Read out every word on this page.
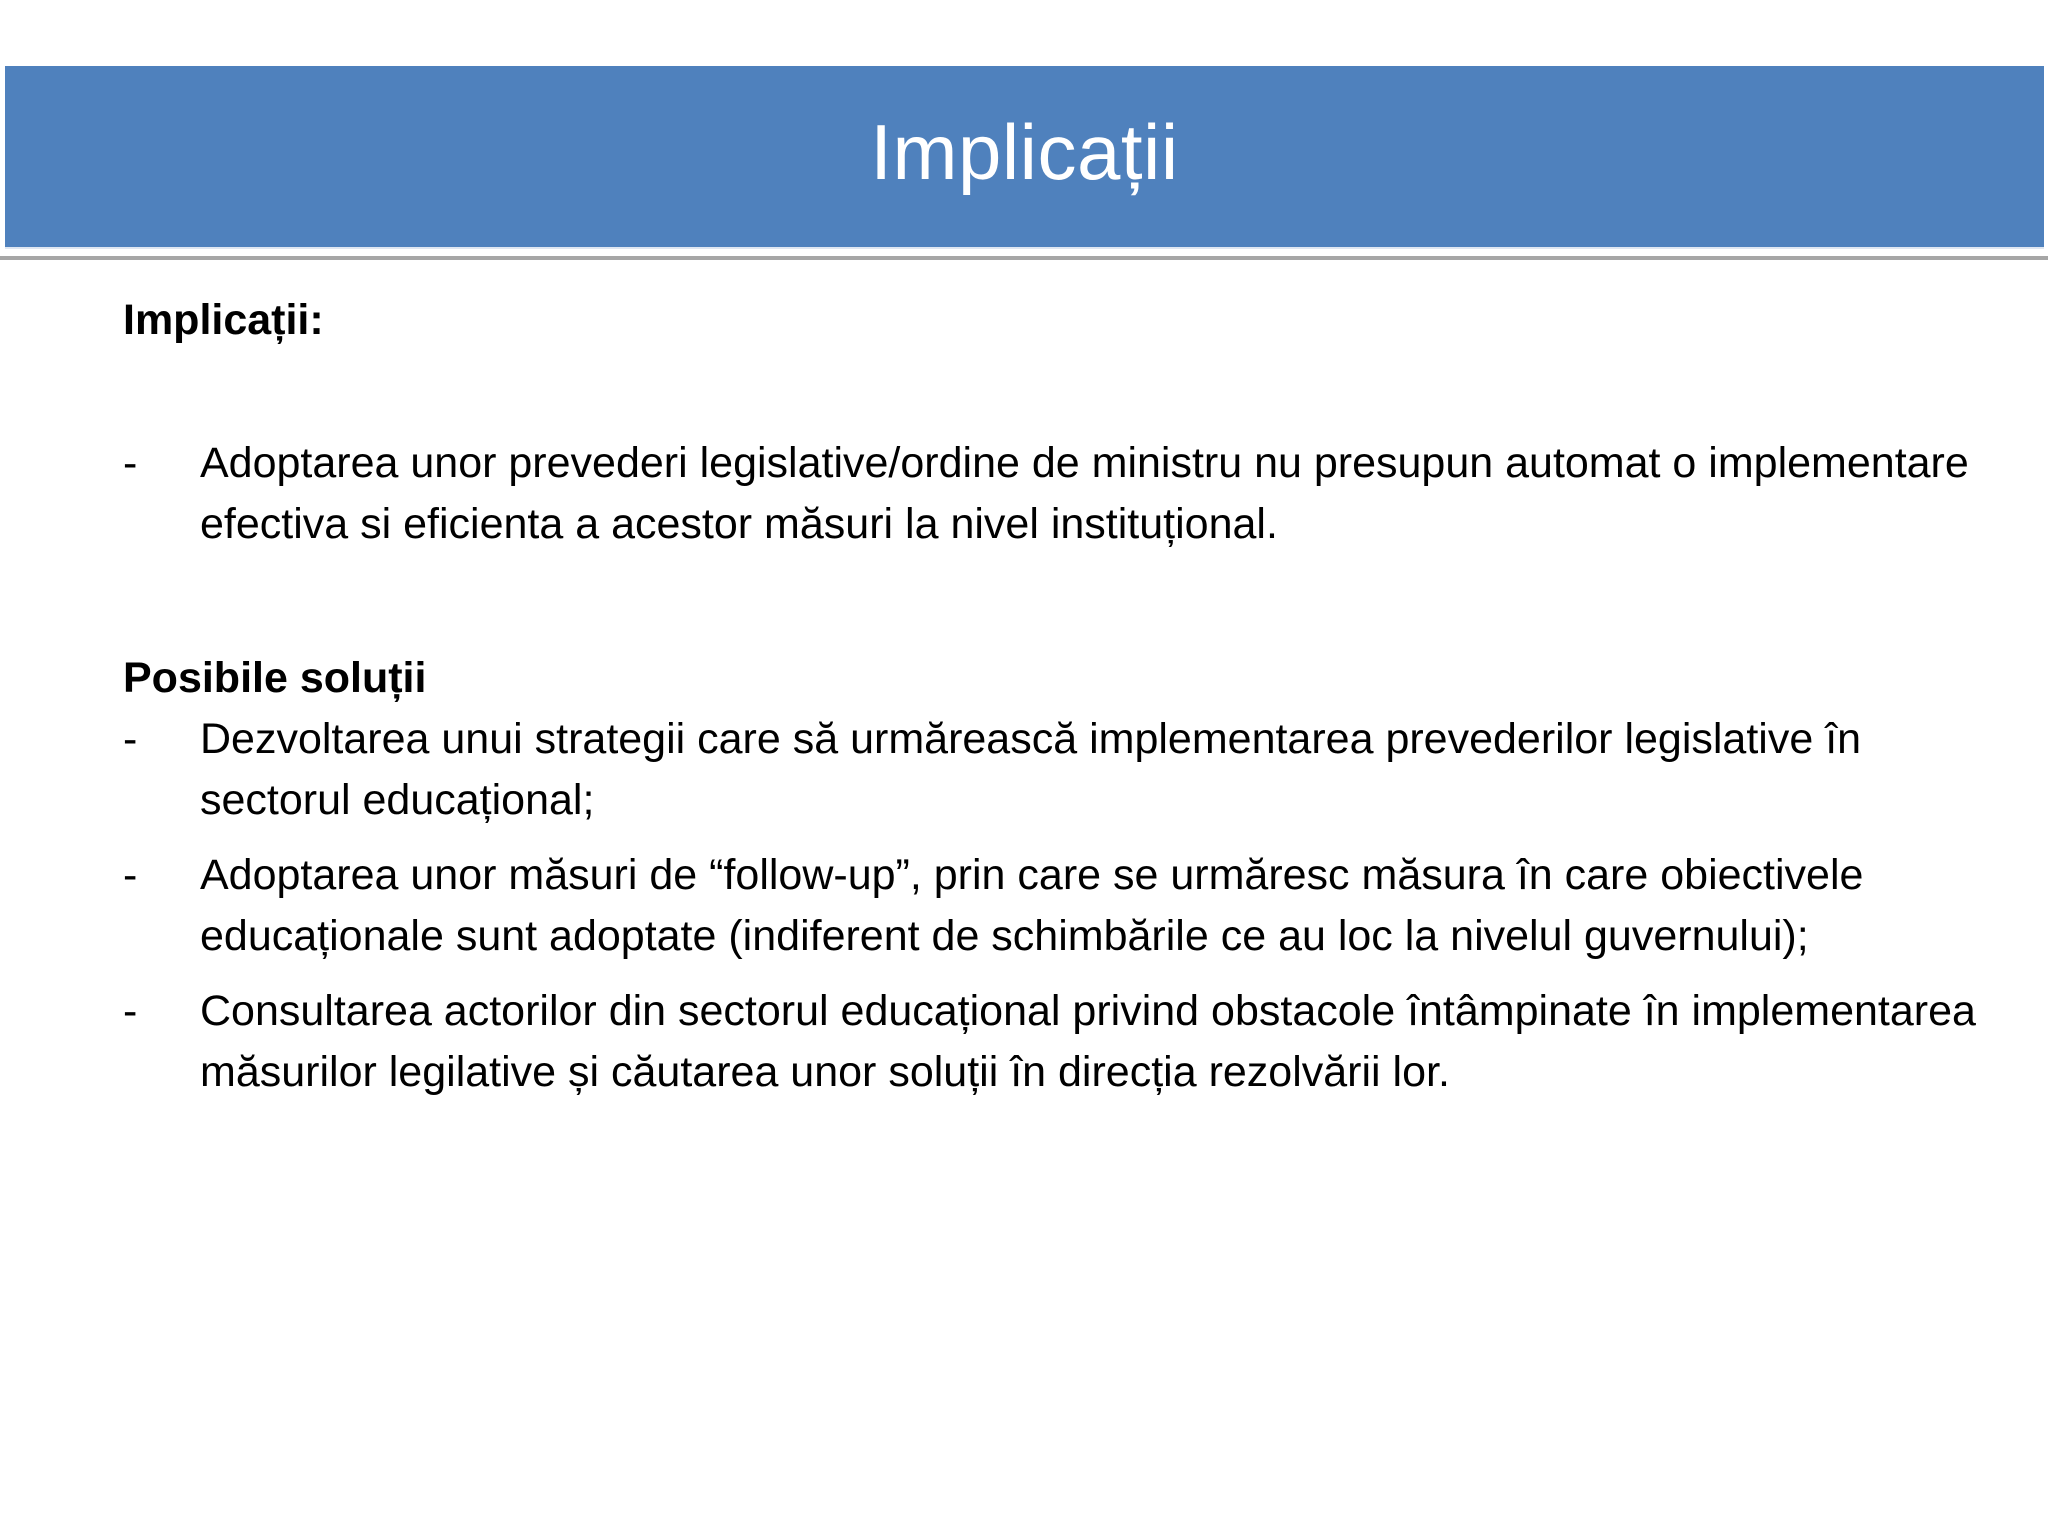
Implicații

Implicații:

-	Adoptarea unor prevederi legislative/ordine de ministru nu presupun automat o implementare efectiva si eficienta a acestor măsuri la nivel instituțional.

Posibile soluții

-	Dezvoltarea unui strategii care să urmărească implementarea prevederilor legislative în sectorul educațional;
-	Adoptarea unor măsuri de “follow-up”, prin care se urmăresc măsura în care obiectivele educaționale sunt adoptate (indiferent de schimbările ce au loc la nivelul guvernului);
-	Consultarea actorilor din sectorul educațional privind obstacole întâmpinate în implementarea măsurilor legilative și căutarea unor soluții în direcția rezolvării lor.
